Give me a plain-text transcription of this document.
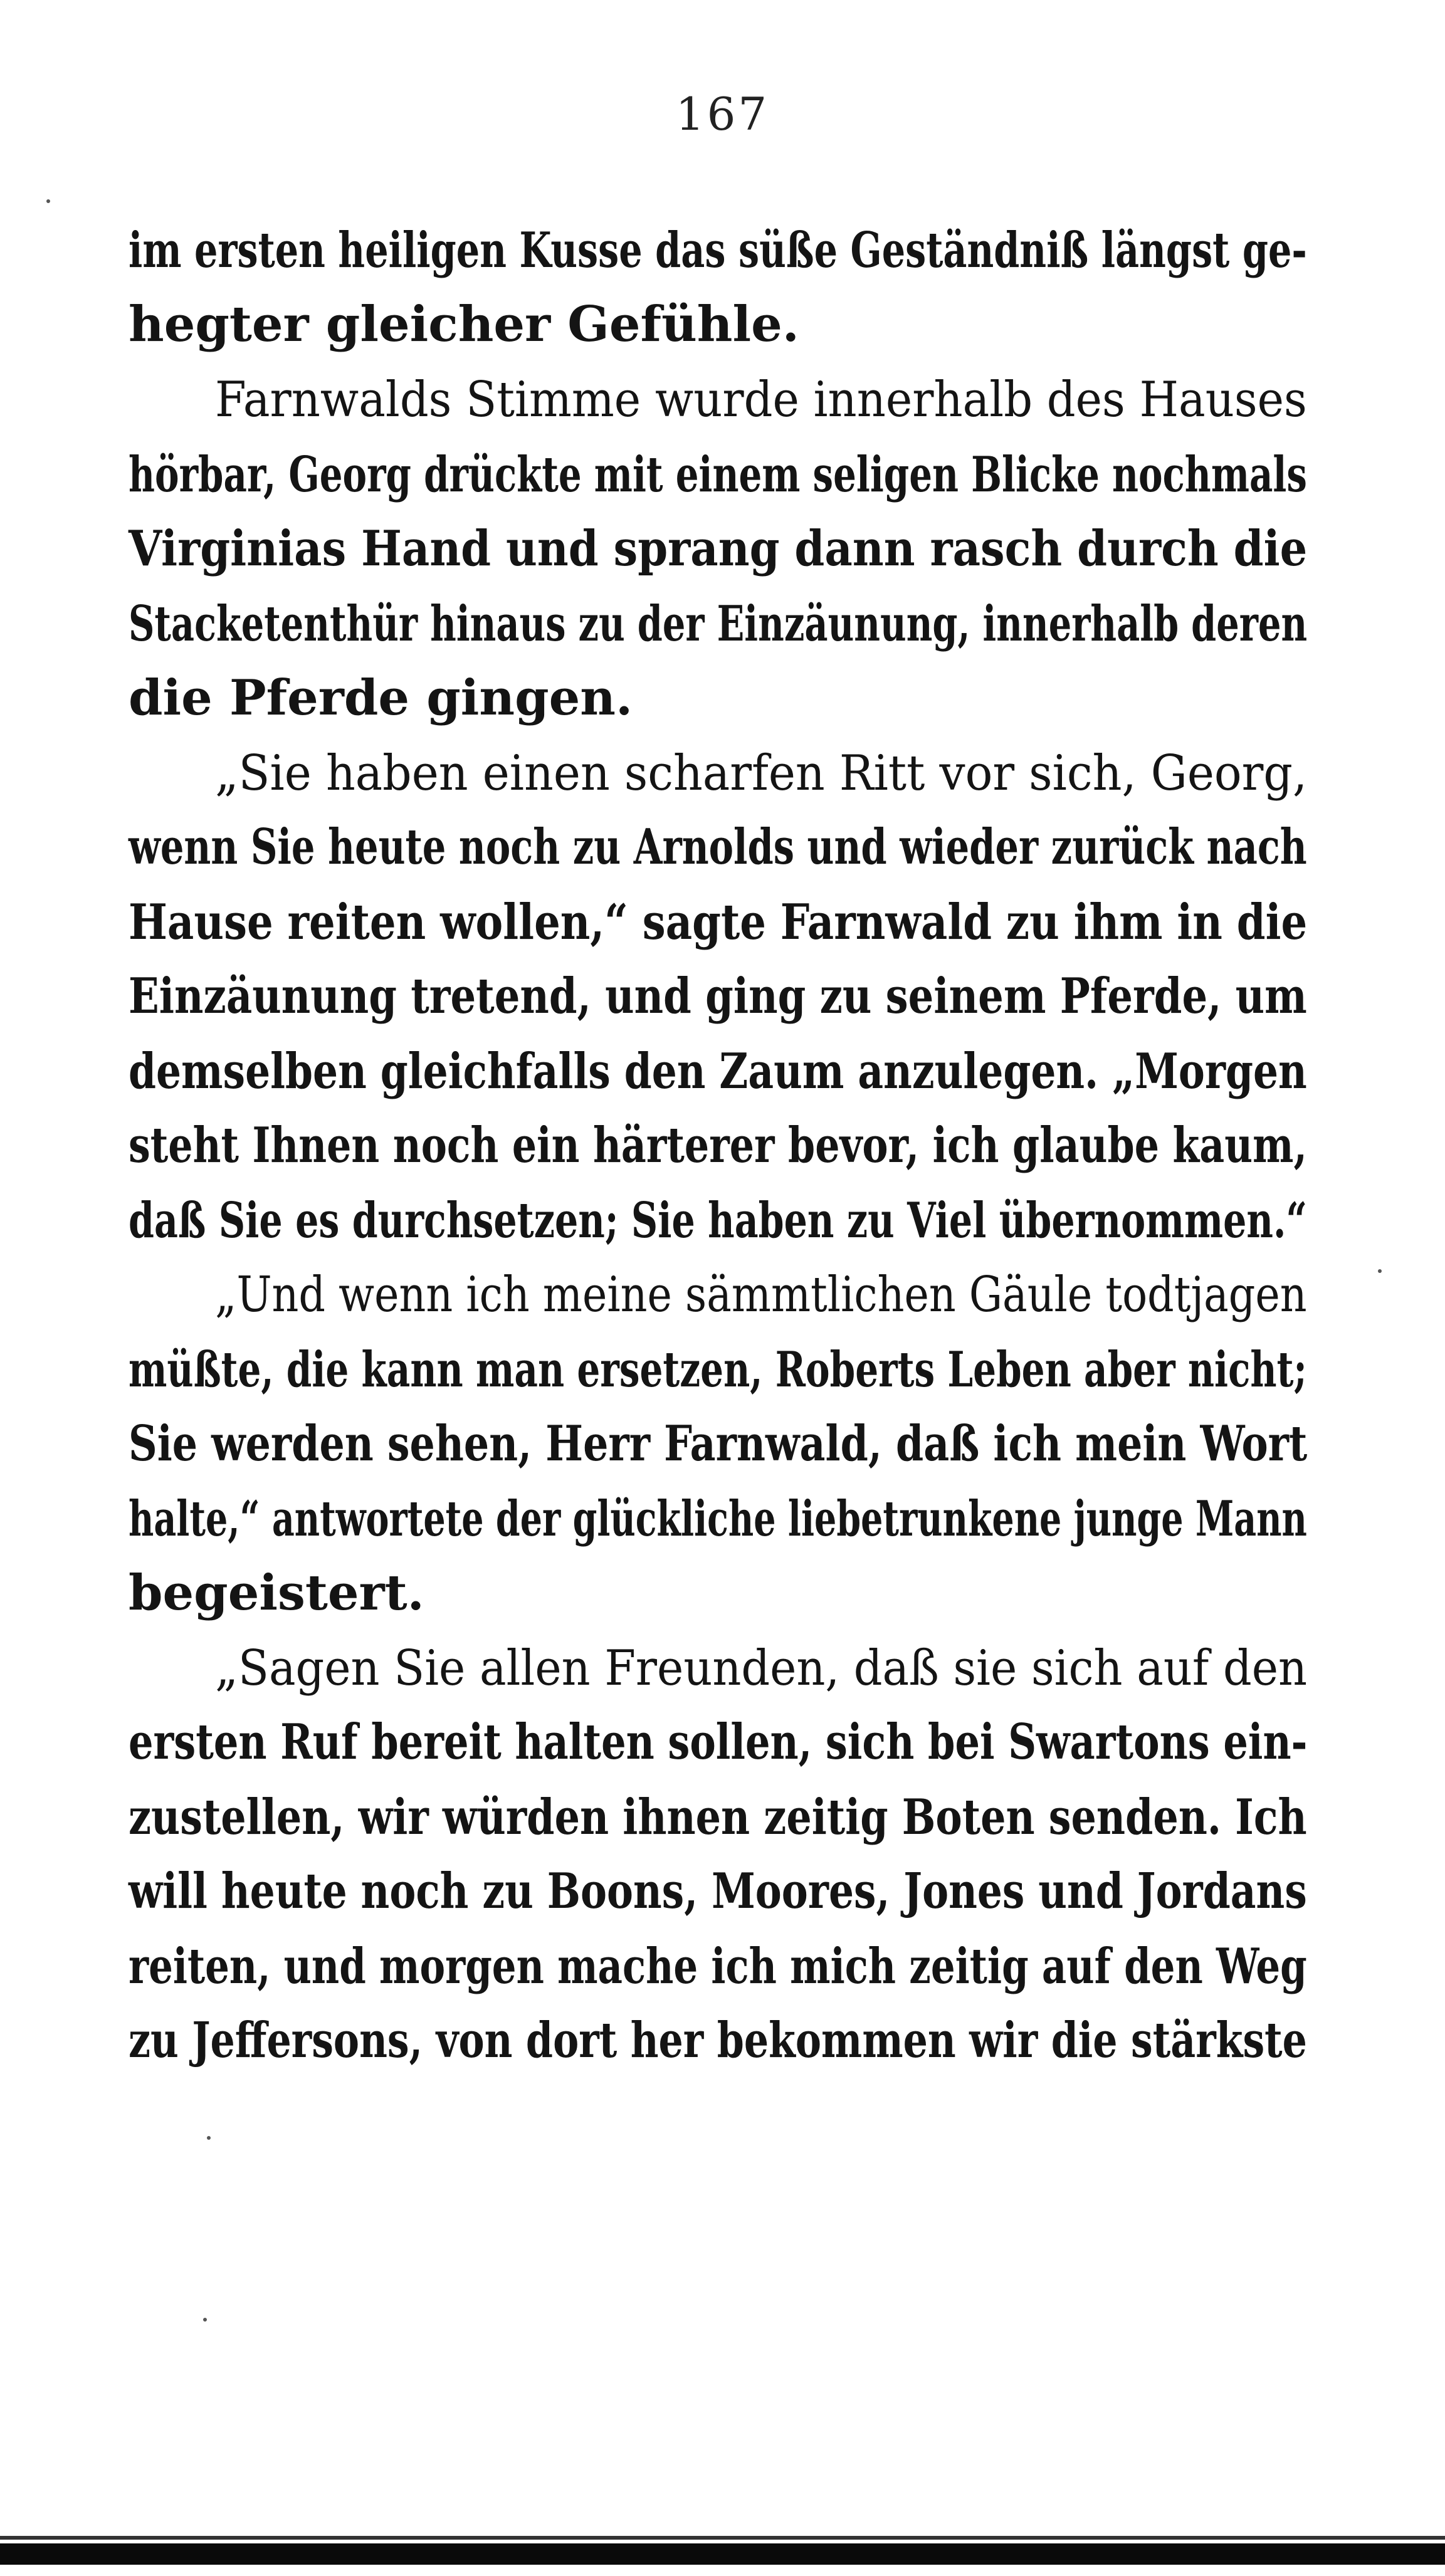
167
im ersten heiligen Kusse das süße Geständniß längst ge-
hegter gleicher Gefühle.
Farnwalds Stimme wurde innerhalb des Hauses
hörbar, Georg drückte mit einem seligen Blicke nochmals
Virginias Hand und sprang dann rasch durch die
Stacketenthür hinaus zu der Einzäunung, innerhalb deren
die Pferde gingen.
„Sie haben einen scharfen Ritt vor sich, Georg,
wenn Sie heute noch zu Arnolds und wieder zurück nach
Hause reiten wollen,“ sagte Farnwald zu ihm in die
Einzäunung tretend, und ging zu seinem Pferde, um
demselben gleichfalls den Zaum anzulegen. „Morgen
steht Ihnen noch ein härterer bevor, ich glaube kaum,
daß Sie es durchsetzen; Sie haben zu Viel übernommen.“
„Und wenn ich meine sämmtlichen Gäule todtjagen
müßte, die kann man ersetzen, Roberts Leben aber nicht;
Sie werden sehen, Herr Farnwald, daß ich mein Wort
halte,“ antwortete der glückliche liebetrunkene junge Mann
begeistert.
„Sagen Sie allen Freunden, daß sie sich auf den
ersten Ruf bereit halten sollen, sich bei Swartons ein-
zustellen, wir würden ihnen zeitig Boten senden. Ich
will heute noch zu Boons, Moores, Jones und Jordans
reiten, und morgen mache ich mich zeitig auf den Weg
zu Jeffersons, von dort her bekommen wir die stärkste
